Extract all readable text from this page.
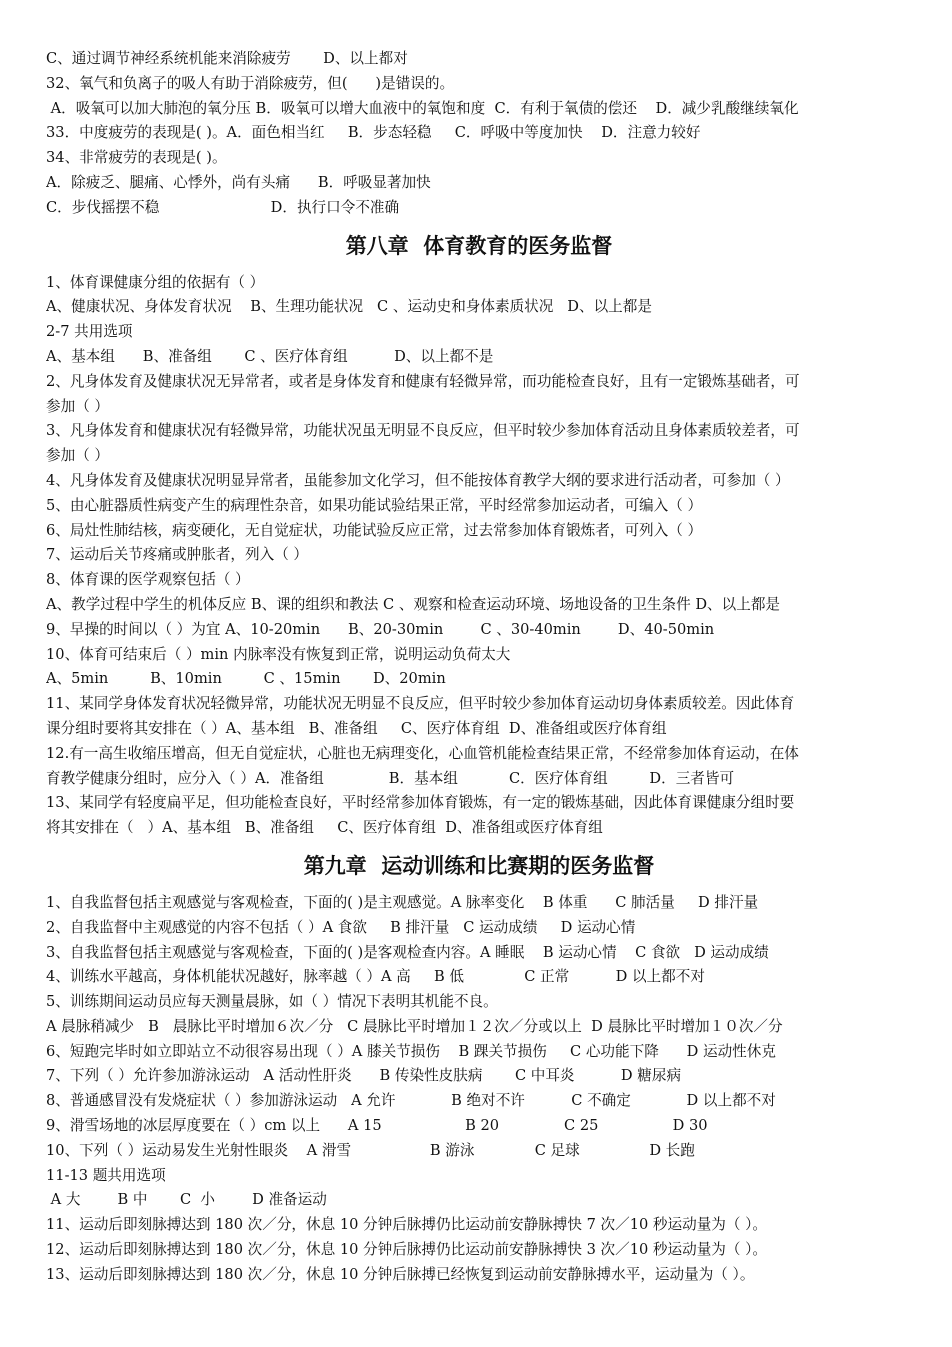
C、通过调节神经系统机能来消除疲劳       D、以上都对
32、氧气和负离子的吸人有助于消除疲劳，但(      )是错误的。
A．吸氧可以加大肺泡的氧分压 B．吸氧可以增大血液中的氧饱和度  C．有利于氧债的偿还    D．减少乳酸继续氧化
33．中度疲劳的表现是( )。A．面色相当红     B．步态轻稳     C．呼吸中等度加快    D．注意力较好
34、非常疲劳的表现是( )。
A．除疲乏、腿痛、心悸外，尚有头痛      B．呼吸显著加快
C．步伐摇摆不稳                        D．执行口令不准确
第八章  体育教育的医务监督
1、体育课健康分组的依据有（ ）
A、健康状况、身体发育状况    B、生理功能状况   C 、运动史和身体素质状况   D、以上都是
2-7 共用选项
A、基本组      B、准备组       C 、医疗体育组          D、以上都不是
2、凡身体发育及健康状况无异常者，或者是身体发育和健康有轻微异常，而功能检查良好，且有一定锻炼基础者，可
参加（ ）
3、凡身体发育和健康状况有轻微异常，功能状况虽无明显不良反应，但平时较少参加体育活动且身体素质较差者，可
参加（ ）
4、凡身体发育及健康状况明显异常者，虽能参加文化学习，但不能按体育教学大纲的要求进行活动者，可参加（ ）
5、由心脏器质性病变产生的病理性杂音，如果功能试验结果正常，平时经常参加运动者，可编入（ ）
6、局灶性肺结核，病变硬化，无自觉症状，功能试验反应正常，过去常参加体育锻炼者，可列入（ ）
7、运动后关节疼痛或肿胀者，列入（ ）
8、体育课的医学观察包括（ ）
A、教学过程中学生的机体反应 B、课的组织和教法 C 、观察和检查运动环境、场地设备的卫生条件 D、以上都是
9、早操的时间以（ ）为宜 A、10-20min      B、20-30min        C 、30-40min        D、40-50min
10、体育可结束后（ ）min 内脉率没有恢复到正常，说明运动负荷太大
A、5min         B、10min         C 、15min       D、20min
11、某同学身体发育状况轻微异常，功能状况无明显不良反应，但平时较少参加体育运动切身体素质较差。因此体育
课分组时要将其安排在（ ）A、基本组   B、准备组     C、医疗体育组  D、准备组或医疗体育组
12.有一高生收缩压增高，但无自觉症状，心脏也无病理变化，心血管机能检查结果正常，不经常参加体育运动，在体
育教学健康分组时，应分入（ ）A．准备组              B．基本组           C．医疗体育组         D．三者皆可
13、某同学有轻度扁平足，但功能检查良好，平时经常参加体育锻炼，有一定的锻炼基础，因此体育课健康分组时要
将其安排在（   ）A、基本组   B、准备组     C、医疗体育组  D、准备组或医疗体育组
第九章  运动训练和比赛期的医务监督
1、自我监督包括主观感觉与客观检查，下面的( )是主观感觉。A 脉率变化    B 体重      C 肺活量     D 排汗量
2、自我监督中主观感觉的内容不包括（ ）A 食欲     B 排汗量   C 运动成绩     D 运动心情
3、自我监督包括主观感觉与客观检查，下面的( )是客观检查内容。A 睡眠    B 运动心情    C 食欲   D 运动成绩
4、训练水平越高，身体机能状况越好，脉率越（ ）A 高     B 低             C 正常          D 以上都不对
5、训练期间运动员应每天测量晨脉，如（ ）情况下表明其机能不良。
A 晨脉稍减少   B   晨脉比平时增加６次／分   C 晨脉比平时增加１２次／分或以上  D 晨脉比平时增加１０次／分
6、短跑完毕时如立即站立不动很容易出现（ ）A 膝关节损伤    B 踝关节损伤     C 心功能下降      D 运动性休克
7、下列（ ）允许参加游泳运动   A 活动性肝炎      B 传染性皮肤病       C 中耳炎          D 糖尿病
8、普通感冒没有发烧症状（ ）参加游泳运动   A 允许            B 绝对不许          C 不确定            D 以上都不对
9、滑雪场地的冰层厚度要在（ ）cm 以上      A 15                  B 20              C 25                D 30
10、下列（ ）运动易发生光射性眼炎    A 滑雪                 B 游泳             C 足球               D 长跑
11-13 题共用选项
A 大        B 中       C  小        D 准备运动
11、运动后即刻脉搏达到 180 次／分，休息 10 分钟后脉搏仍比运动前安静脉搏快 7 次／10 秒运动量为（ ）。
12、运动后即刻脉搏达到 180 次／分，休息 10 分钟后脉搏仍比运动前安静脉搏快 3 次／10 秒运动量为（ ）。
13、运动后即刻脉搏达到 180 次／分，休息 10 分钟后脉搏已经恢复到运动前安静脉搏水平，运动量为（ ）。
